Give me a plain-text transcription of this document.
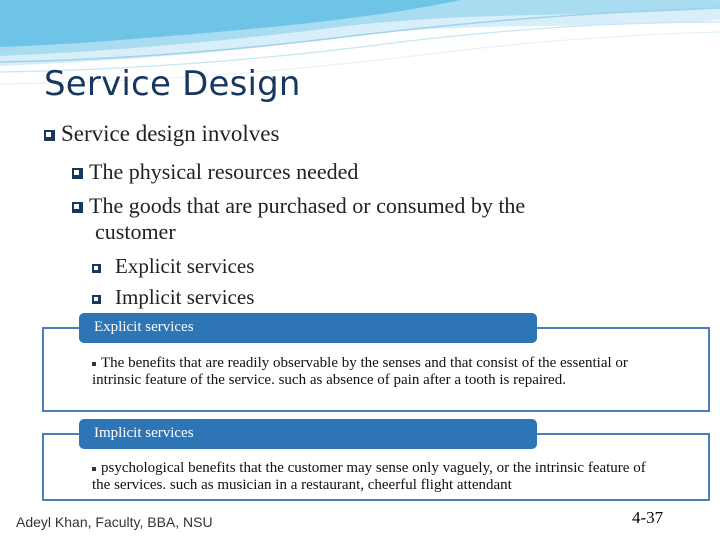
Service Design
Service design involves
The physical resources needed
The goods that are purchased or consumed by the
customer
Explicit services
Implicit services
Explicit services
The benefits that are readily observable by the senses and that consist of the essential or intrinsic feature of the service. such as absence of pain after a tooth is repaired.
Implicit services
psychological benefits that the customer may sense only vaguely, or the intrinsic feature of the services. such as musician in a restaurant, cheerful flight attendant
Adeyl Khan, Faculty, BBA, NSU	4-37
